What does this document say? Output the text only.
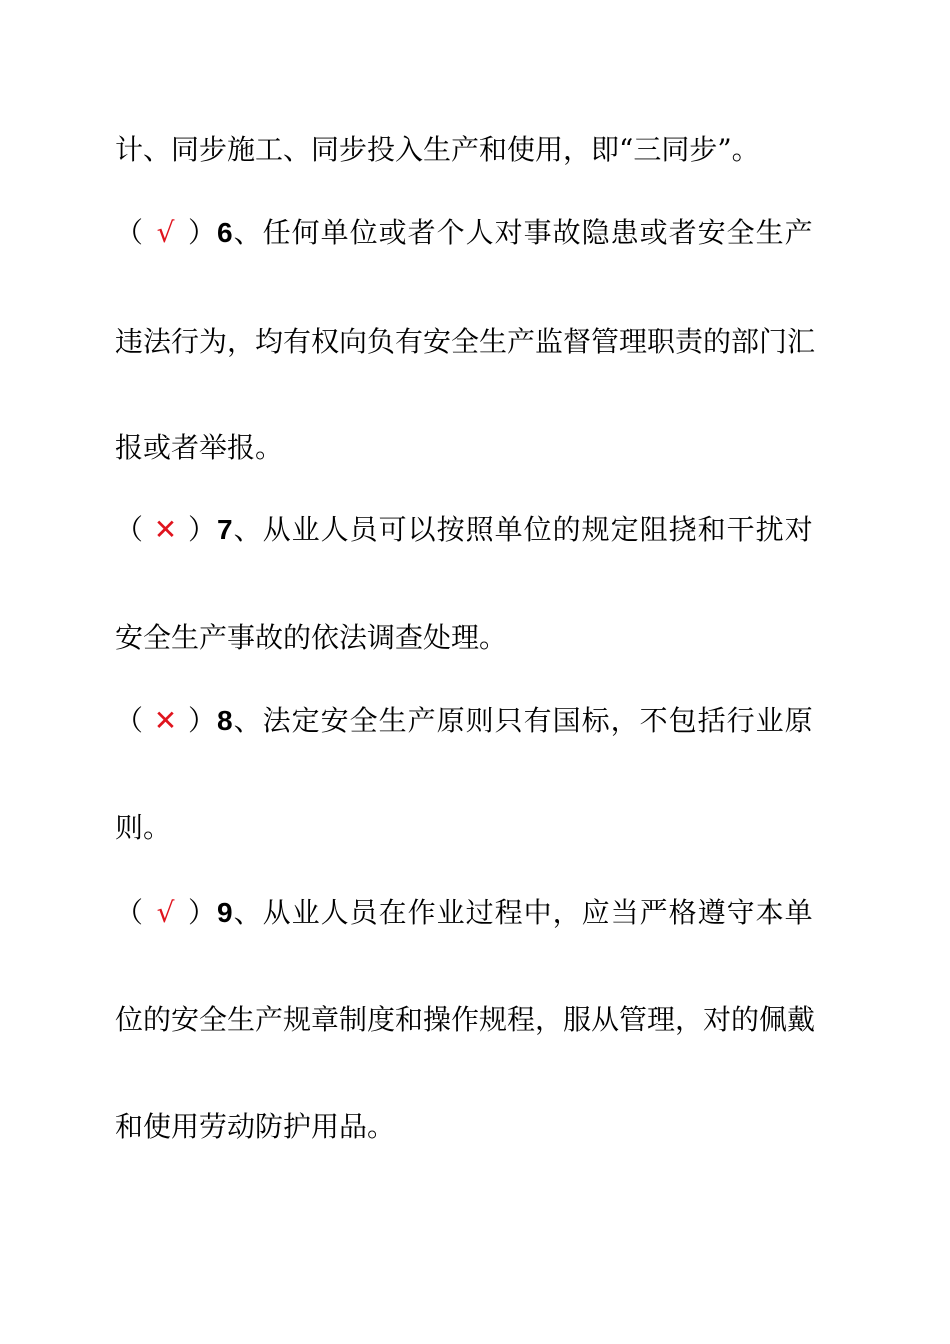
计、同步施工、同步投入生产和使用，即“三同步”。
（ √ ）6、任何单位或者个人对事故隐患或者安全生产
违法行为，均有权向负有安全生产监督管理职责的部门汇
报或者举报。
（ ✕ ）7、从业人员可以按照单位的规定阻挠和干扰对
安全生产事故的依法调查处理。
（ ✕ ）8、法定安全生产原则只有国标，不包括行业原
则。
（ √ ）9、从业人员在作业过程中，应当严格遵守本单
位的安全生产规章制度和操作规程，服从管理，对的佩戴
和使用劳动防护用品。
